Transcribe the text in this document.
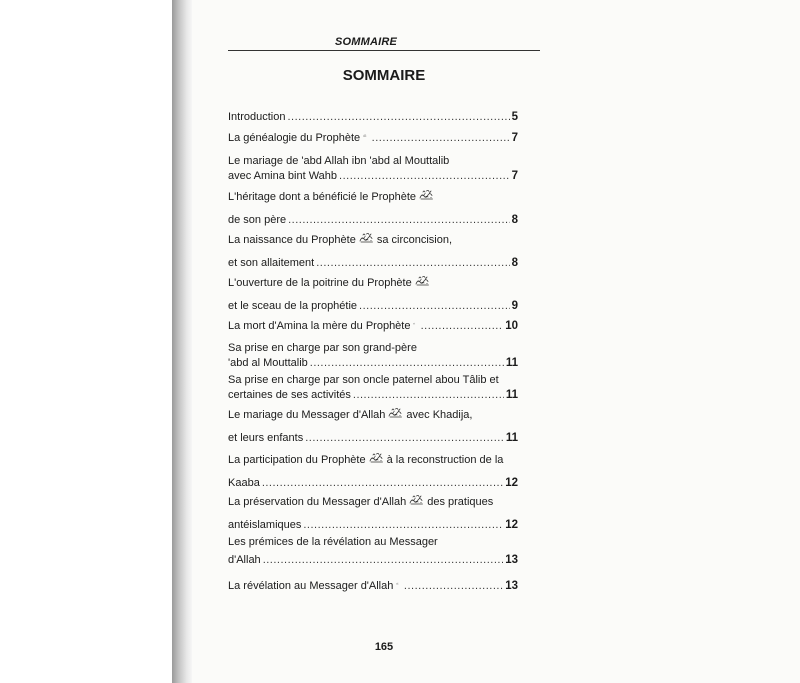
SOMMAIRE
SOMMAIRE
Introduction .....	5
La généalogie du Prophète .....	7
Le mariage de 'abd Allah ibn 'abd al Mouttalib
avec Amina bint Wahb .....	7
L'héritage dont a bénéficié le Prophète
de son père .....	8
La naissance du Prophète sa circoncision,
et son allaitement .....	8
L'ouverture de la poitrine du Prophète
et le sceau de la prophétie .....	9
La mort d'Amina la mère du Prophète .....	10
Sa prise en charge par son grand-père
'abd al Mouttalib .....	11
Sa prise en charge par son oncle paternel abou Tâlib et
certaines de ses activités .....	11
Le mariage du Messager d'Allah avec Khadija,
et leurs enfants .....	11
La participation du Prophète à la reconstruction de la
Kaaba .....	12
La préservation du Messager d'Allah des pratiques
antéislamiques .....	12
Les prémices de la révélation au Messager
d'Allah .....	13
La révélation au Messager d'Allah .....	13
165
